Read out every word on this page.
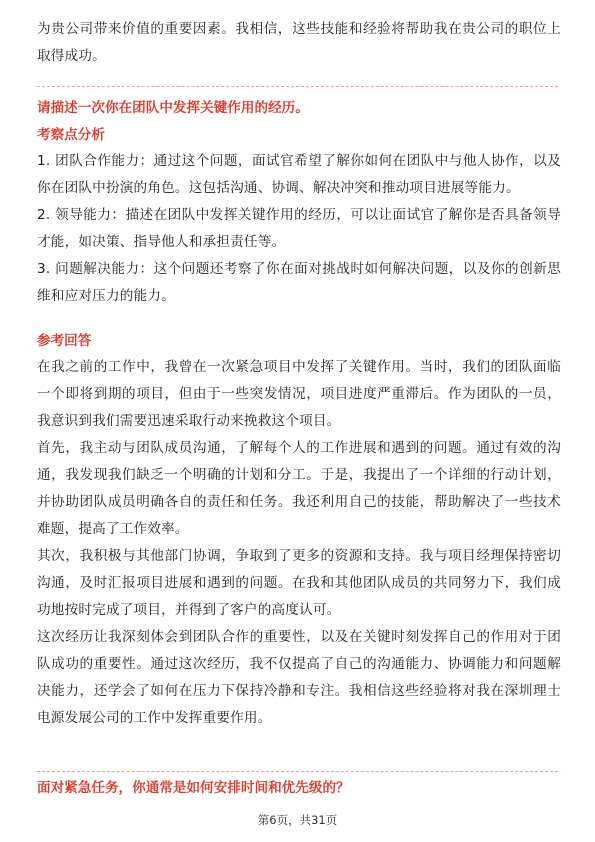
为贵公司带来价值的重要因素。我相信，这些技能和经验将帮助我在贵公司的职位上取得成功。

请描述一次你在团队中发挥关键作用的经历。

考察点分析

1. 团队合作能力：通过这个问题，面试官希望了解你如何在团队中与他人协作，以及你在团队中扮演的角色。这包括沟通、协调、解决冲突和推动项目进展等能力。

2. 领导能力：描述在团队中发挥关键作用的经历，可以让面试官了解你是否具备领导才能，如决策、指导他人和承担责任等。

3. 问题解决能力：这个问题还考察了你在面对挑战时如何解决问题，以及你的创新思维和应对压力的能力。

参考回答

在我之前的工作中，我曾在一次紧急项目中发挥了关键作用。当时，我们的团队面临一个即将到期的项目，但由于一些突发情况，项目进度严重滞后。作为团队的一员，我意识到我们需要迅速采取行动来挽救这个项目。

首先，我主动与团队成员沟通，了解每个人的工作进展和遇到的问题。通过有效的沟通，我发现我们缺乏一个明确的计划和分工。于是，我提出了一个详细的行动计划，并协助团队成员明确各自的责任和任务。我还利用自己的技能，帮助解决了一些技术难题，提高了工作效率。

其次，我积极与其他部门协调，争取到了更多的资源和支持。我与项目经理保持密切沟通，及时汇报项目进展和遇到的问题。在我和其他团队成员的共同努力下，我们成功地按时完成了项目，并得到了客户的高度认可。

这次经历让我深刻体会到团队合作的重要性，以及在关键时刻发挥自己的作用对于团队成功的重要性。通过这次经历，我不仅提高了自己的沟通能力、协调能力和问题解决能力，还学会了如何在压力下保持冷静和专注。我相信这些经验将对我在深圳理士电源发展公司的工作中发挥重要作用。

面对紧急任务，你通常是如何安排时间和优先级的？

第6页，共31页
